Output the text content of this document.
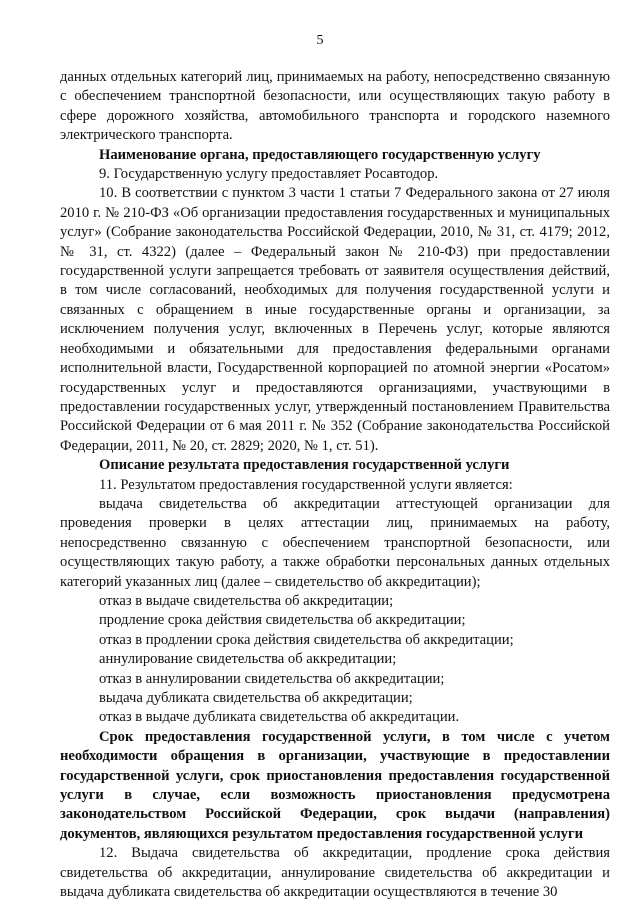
5

данных отдельных категорий лиц, принимаемых на работу, непосредственно связанную с обеспечением транспортной безопасности, или осуществляющих такую работу в сфере дорожного хозяйства, автомобильного транспорта и городского наземного электрического транспорта.

Наименование органа, предоставляющего государственную услугу

9. Государственную услугу предоставляет Росавтодор.

10. В соответствии с пунктом 3 части 1 статьи 7 Федерального закона от 27 июля 2010 г. № 210-ФЗ «Об организации предоставления государственных и муниципальных услуг» (Собрание законодательства Российской Федерации, 2010, № 31, ст. 4179; 2012, № 31, ст. 4322) (далее – Федеральный закон № 210-ФЗ) при предоставлении государственной услуги запрещается требовать от заявителя осуществления действий, в том числе согласований, необходимых для получения государственной услуги и связанных с обращением в иные государственные органы и организации, за исключением получения услуг, включенных в Перечень услуг, которые являются необходимыми и обязательными для предоставления федеральными органами исполнительной власти, Государственной корпорацией по атомной энергии «Росатом» государственных услуг и предоставляются организациями, участвующими в предоставлении государственных услуг, утвержденный постановлением Правительства Российской Федерации от 6 мая 2011 г. № 352 (Собрание законодательства Российской Федерации, 2011, № 20, ст. 2829; 2020, № 1, ст. 51).

Описание результата предоставления государственной услуги

11. Результатом предоставления государственной услуги является:

выдача свидетельства об аккредитации аттестующей организации для проведения проверки в целях аттестации лиц, принимаемых на работу, непосредственно связанную с обеспечением транспортной безопасности, или осуществляющих такую работу, а также обработки персональных данных отдельных категорий указанных лиц (далее – свидетельство об аккредитации);

отказ в выдаче свидетельства об аккредитации;

продление срока действия свидетельства об аккредитации;

отказ в продлении срока действия свидетельства об аккредитации;

аннулирование свидетельства об аккредитации;

отказ в аннулировании свидетельства об аккредитации;

выдача дубликата свидетельства об аккредитации;

отказ в выдаче дубликата свидетельства об аккредитации.

Срок предоставления государственной услуги, в том числе с учетом необходимости обращения в организации, участвующие в предоставлении государственной услуги, срок приостановления предоставления государственной услуги в случае, если возможность приостановления предусмотрена законодательством Российской Федерации, срок выдачи (направления) документов, являющихся результатом предоставления государственной услуги

12. Выдача свидетельства об аккредитации, продление срока действия свидетельства об аккредитации, аннулирование свидетельства об аккредитации и выдача дубликата свидетельства об аккредитации осуществляются в течение 30
